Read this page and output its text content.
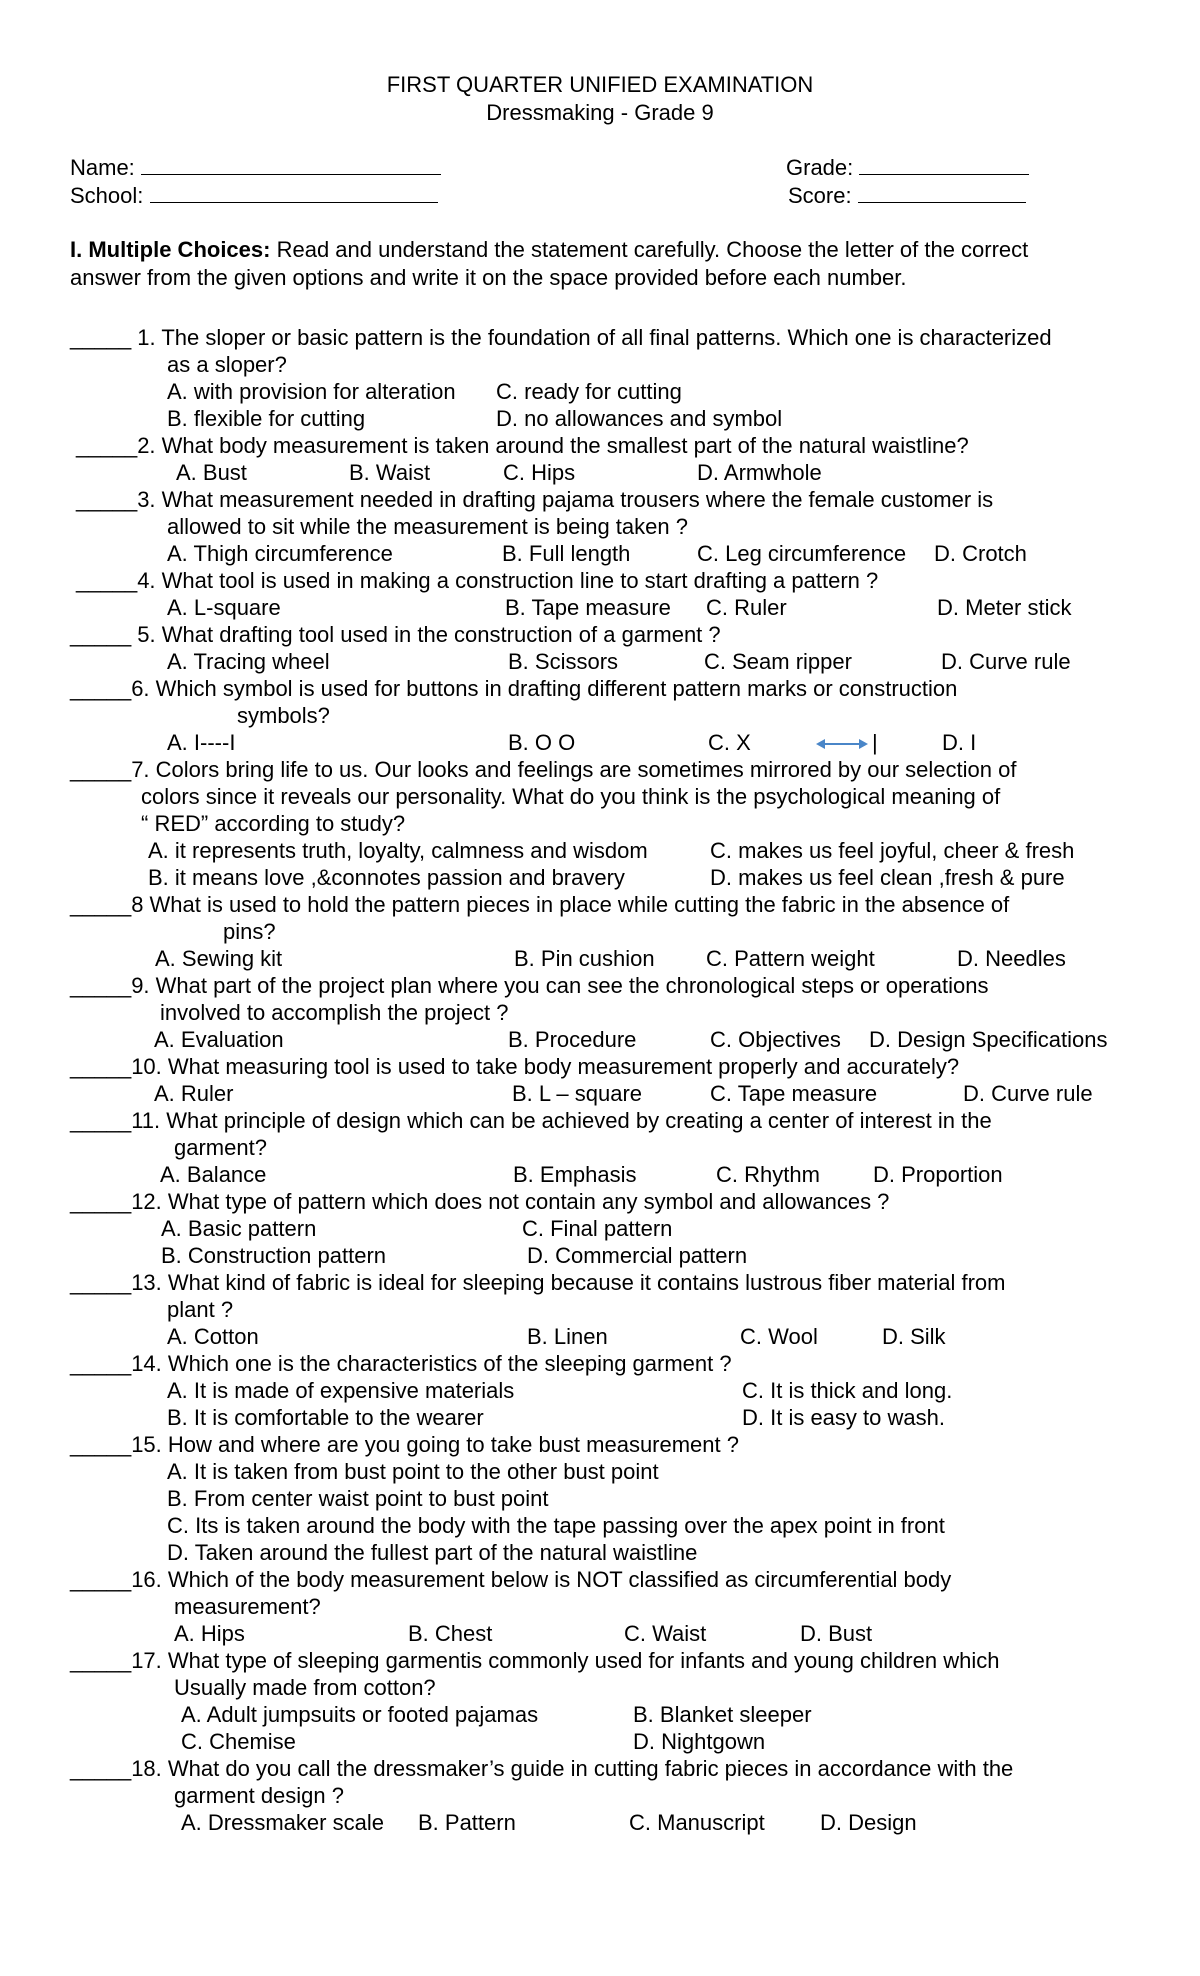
FIRST QUARTER UNIFIED EXAMINATION
Dressmaking - Grade 9
Name:
School:
Grade:
Score:
I. Multiple Choices: Read and understand the statement carefully. Choose the letter of the correct
answer from the given options and write it on the space provided before each number.
_____ 1. The sloper or basic pattern is the foundation of all final patterns. Which one is characterized
as a sloper?
A. with provision for alteration C. ready for cutting
B. flexible for cutting	D. no allowances and symbol
_____2. What body measurement is taken around the smallest part of the natural waistline?
A. Bust	B. Waist	C. Hips	D. Armwhole
_____3. What measurement needed in drafting pajama trousers where the female customer is
allowed to sit while the measurement is being taken ?
A. Thigh circumference	B. Full length	C. Leg circumference D. Crotch
_____4. What tool is used in making a construction line to start drafting a pattern ?
A. L-square	B. Tape measure C. Ruler	D. Meter stick
_____ 5. What drafting tool used in the construction of a garment ?
A. Tracing wheel	B. Scissors	C. Seam ripper	D. Curve rule
_____6. Which symbol is used for buttons in drafting different pattern marks or construction
symbols?
A. I----I	B. O O	C. X	|	D. I
_____7. Colors bring life to us. Our looks and feelings are sometimes mirrored by our selection of
colors since it reveals our personality. What do you think is the psychological meaning of
“ RED” according to study?
A. it represents truth, loyalty, calmness and wisdom	C. makes us feel joyful, cheer & fresh
B. it means love ,&connotes passion and bravery	D. makes us feel clean ,fresh & pure
_____8 What is used to hold the pattern pieces in place while cutting the fabric in the absence of
pins?
A. Sewing kit	B. Pin cushion C. Pattern weight	D. Needles
_____9. What part of the project plan where you can see the chronological steps or operations
involved to accomplish the project ?
A. Evaluation	B. Procedure	C. Objectives D. Design Specifications
_____10. What measuring tool is used to take body measurement properly and accurately?
A. Ruler	B. L – square	C. Tape measure	D. Curve rule
_____11. What principle of design which can be achieved by creating a center of interest in the
garment?
A. Balance	B. Emphasis	C. Rhythm D. Proportion
_____12. What type of pattern which does not contain any symbol and allowances ?
A. Basic pattern	C. Final pattern
B. Construction pattern	D. Commercial pattern
_____13. What kind of fabric is ideal for sleeping because it contains lustrous fiber material from
plant ?
A. Cotton	B. Linen	C. Wool	D. Silk
_____14. Which one is the characteristics of the sleeping garment ?
A. It is made of expensive materials	C. It is thick and long.
B. It is comfortable to the wearer	D. It is easy to wash.
_____15. How and where are you going to take bust measurement ?
A. It is taken from bust point to the other bust point
B. From center waist point to bust point
C. Its is taken around the body with the tape passing over the apex point in front
D. Taken around the fullest part of the natural waistline
_____16. Which of the body measurement below is NOT classified as circumferential body
measurement?
A. Hips	B. Chest	C. Waist	D. Bust
_____17. What type of sleeping garmentis commonly used for infants and young children which
Usually made from cotton?
A. Adult jumpsuits or footed pajamas	B. Blanket sleeper
C. Chemise	D. Nightgown
_____18. What do you call the dressmaker’s guide in cutting fabric pieces in accordance with the
garment design ?
A. Dressmaker scale B. Pattern	C. Manuscript	D. Design
